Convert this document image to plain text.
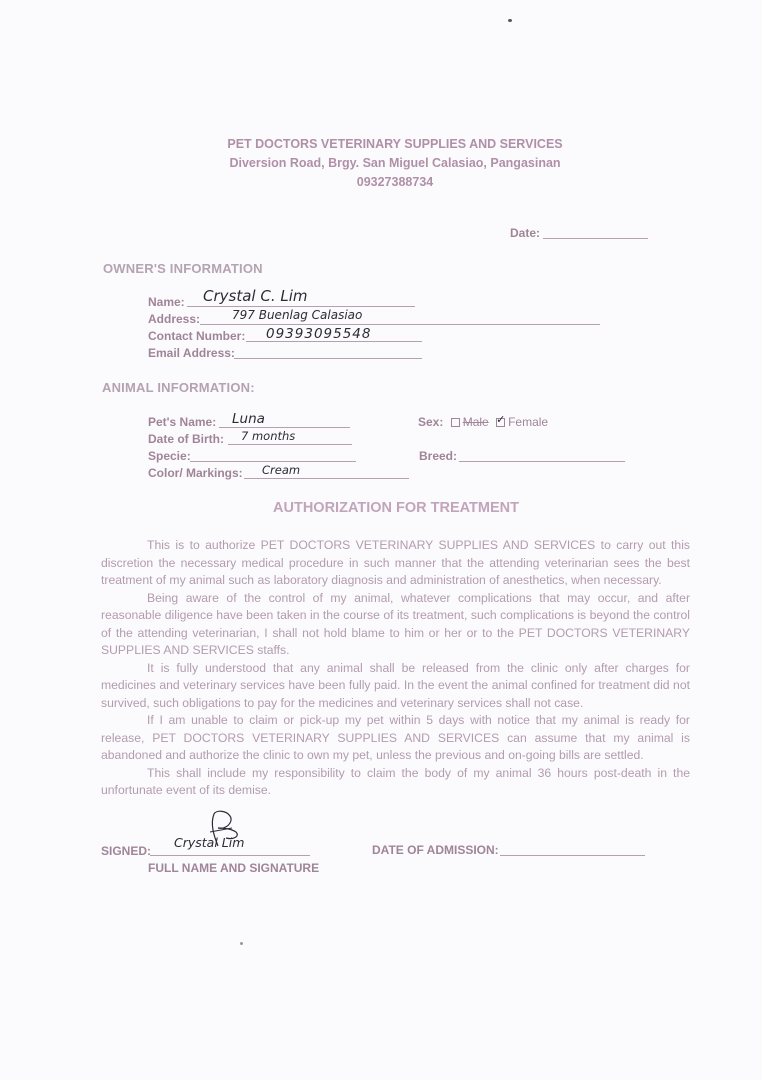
PET DOCTORS VETERINARY SUPPLIES AND SERVICES
Diversion Road, Brgy. San Miguel Calasiao, Pangasinan
09327388734
Date:
OWNER'S INFORMATION
Name: Crystal C. Lim
Address:	797 Buenlag Calasiao
Contact Number: 09393095548
Email Address:
ANIMAL INFORMATION:
Pet's Name: Luna
Date of Birth: 7 months
Specie:
Color/ Markings: Cream
Sex: Male ✓ Female
Breed:
AUTHORIZATION FOR TREATMENT

This is to authorize PET DOCTORS VETERINARY SUPPLIES AND SERVICES to carry out this discretion the necessary medical procedure in such manner that the attending veterinarian sees the best treatment of my animal such as laboratory diagnosis and administration of anesthetics, when necessary.

Being aware of the control of my animal, whatever complications that may occur, and after reasonable diligence have been taken in the course of its treatment, such complications is beyond the control of the attending veterinarian, I shall not hold blame to him or her or to the PET DOCTORS VETERINARY SUPPLIES AND SERVICES staffs.

It is fully understood that any animal shall be released from the clinic only after charges for medicines and veterinary services have been fully paid. In the event the animal confined for treatment did not survived, such obligations to pay for the medicines and veterinary services shall not case.

If I am unable to claim or pick-up my pet within 5 days with notice that my animal is ready for release, PET DOCTORS VETERINARY SUPPLIES AND SERVICES can assume that my animal is abandoned and authorize the clinic to own my pet, unless the previous and on-going bills are settled.

This shall include my responsibility to claim the body of my animal 36 hours post-death in the unfortunate event of its demise.

SIGNED:
Crystal Lim
FULL NAME AND SIGNATURE
DATE OF ADMISSION:
